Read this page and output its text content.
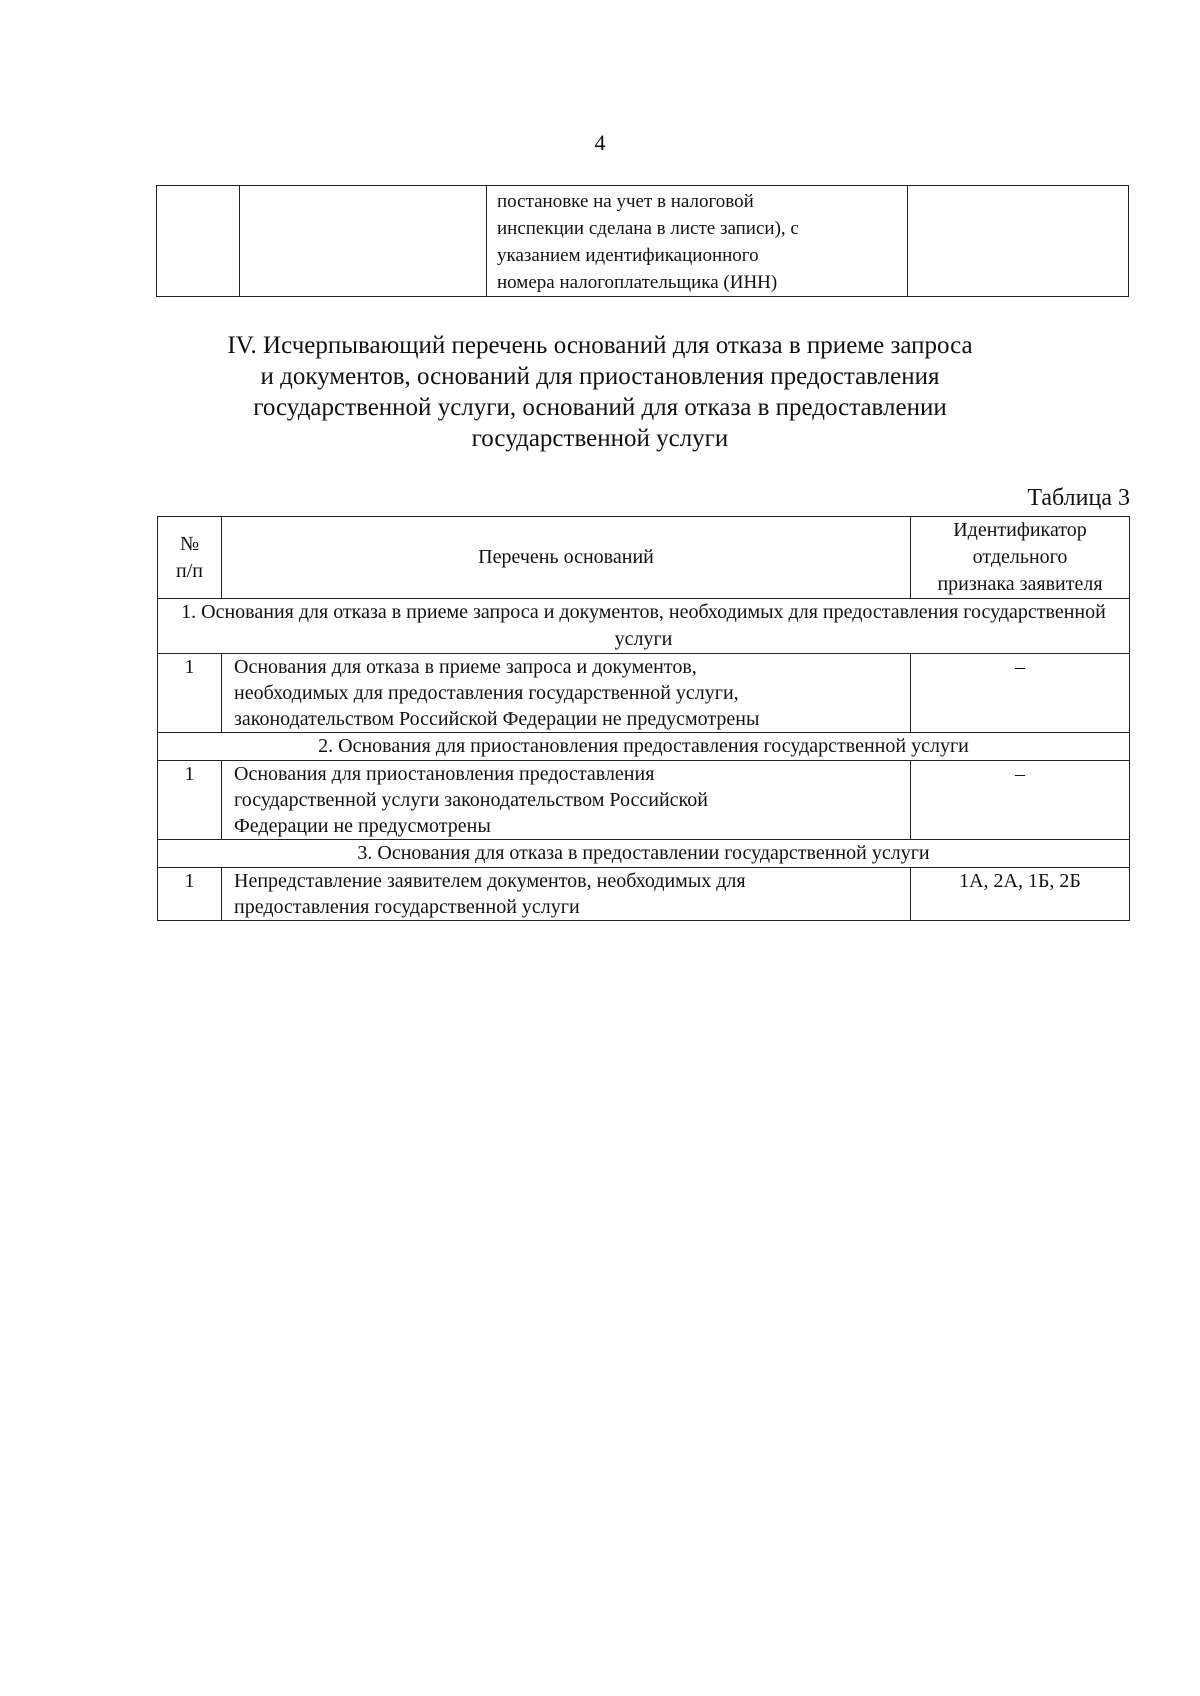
4

постановке на учет в налоговой
инспекции сделана в листе записи), с
указанием идентификационного
номера налогоплательщика (ИНН)

IV. Исчерпывающий перечень оснований для отказа в приеме запроса
и документов, оснований для приостановления предоставления
государственной услуги, оснований для отказа в предоставлении
государственной услуги
Таблица 3
№
п/п	Перечень оснований	Идентификатор
отдельного
признака заявителя
1. Основания для отказа в приеме запроса и документов, необходимых для предоставления государственной услуги		
1	Основания для отказа в приеме запроса и документов,
необходимых для предоставления государственной услуги,
законодательством Российской Федерации не предусмотрены	–
2. Основания для приостановления предоставления государственной услуги		
1	Основания для приостановления предоставления
государственной услуги законодательством Российской
Федерации не предусмотрены	–
3. Основания для отказа в предоставлении государственной услуги		
1	Непредставление заявителем документов, необходимых для
предоставления государственной услуги	1А, 2А, 1Б, 2Б
